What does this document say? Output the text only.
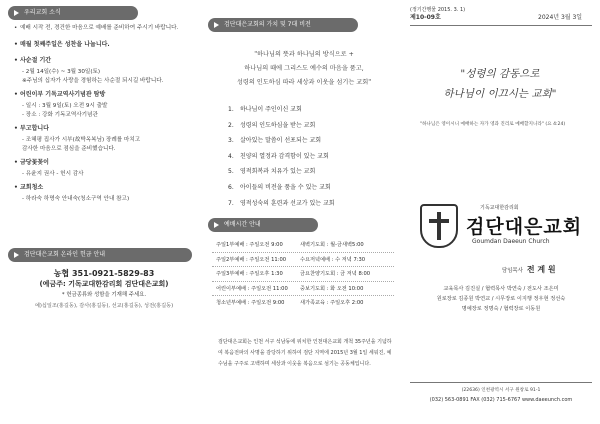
우리교회 소식
• 예배 시작 전, 경건한 마음으로 예배를 준비하여 주시기 바랍니다.
• 매월 첫째주일은 성찬을 나눕니다.
• 사순절 기간
- 2월 14일(수) ~ 3월 30일(토)
※주님의 십자가 사랑을 경험하는 사순절 되시길 바랍니다.
• 어린이부 기독교역사기념관 탐방
- 일시 : 3월 9일(토) 오전 9시 출발
- 장소 : 강화 기독교역사기념관
• 부고합니다
- 조혜평 집사가 시부(故박옥복님) 장례를 마치고
감사한 마음으로 점심을 준비했습니다.
• 금당꽃꽂이
- 유윤지 권사 - 헌시 감사
• 교회청소
- 하라숙 하명숙 안내숙(청소구역 안내 참고)
검단대은교회 온라인 헌금 안내
농협 351-0921-5829-83
(예금주: 기독교대한감리회 검단대은교회)
* 헌금종류와 성함을 기재해 주세요.
예)십일조(홍길동), 감사(홍길동), 선교(홍길동), 성전(홍길동)
검단대은교회의 가치 및 7대 비전
"하나님의 뜻과 하나님의 방식으로 +
하나님의 때에 그리스도 예수의 마음을 품고,
성령의 인도하심 따라 세상과 이웃을 섬기는 교회"
1. 하나님이 주인이신 교회
2. 성령의 인도하심을 받는 교회
3. 살아있는 말씀이 선포되는 교회
4. 친양의 열정과 감격함이 있는 교회
5. 영적회복과 치유가 있는 교회
6. 아이들의 비전을 품을 수 있는 교회
7. 영적성숙의 훈련과 선교가 있는 교회
예배시간 안내
주일1부예배 : 주일오전 9:00	새벽기도회 : 월-금새벽5:00
주일2부예배 : 주일오전 11:00	수요저녁예배 : 수 저녁 7:30
주일3부예배 : 주일오후 1:30	금요찬양기도회 : 금 저녁 8:00
어린이부예배 : 주일오전 11:00	중보기도회 : 화 오전 10:00
청소년부예배 : 주일오전 9:00	새가족교육 : 주일오후 2:00
검단대은교회는 인천 서구 석남동에 위치한 인천대은교회 개척 35주년을 기념하여 복음전파의 사명을 감당하기 위하여 검단 지역에 2015년 3월 1일 세워진, 예수님을 구주로 고백하며 세상과 이웃을 복음으로 섬기는 공동체입니다.
(정기간행물 2015. 3. 1)
제10-09호	2024년 3월 3일
"성령의 감동으로
하나님이 이끄시는 교회"
"하나님은 영이시니 예배하는 자가 영과 진리로 예배할지니라" (요 4:24)
기독교대한감리회
검단대은교회
Goumdan Daeeun Church
담임목사 전 계 원
교육목사 김진실 / 협력목사 박연숙 / 전도사 조은미
원로장로 김종원 박연교 / 시무장로 이지행 정우현 정선숙
명예장로 정명숙 / 협력장로 이동원
(22636) 인천광역시 서구 원창로 91-1
(032) 563-0891 FAX (032) 715-6767 www.daeeunch.com
